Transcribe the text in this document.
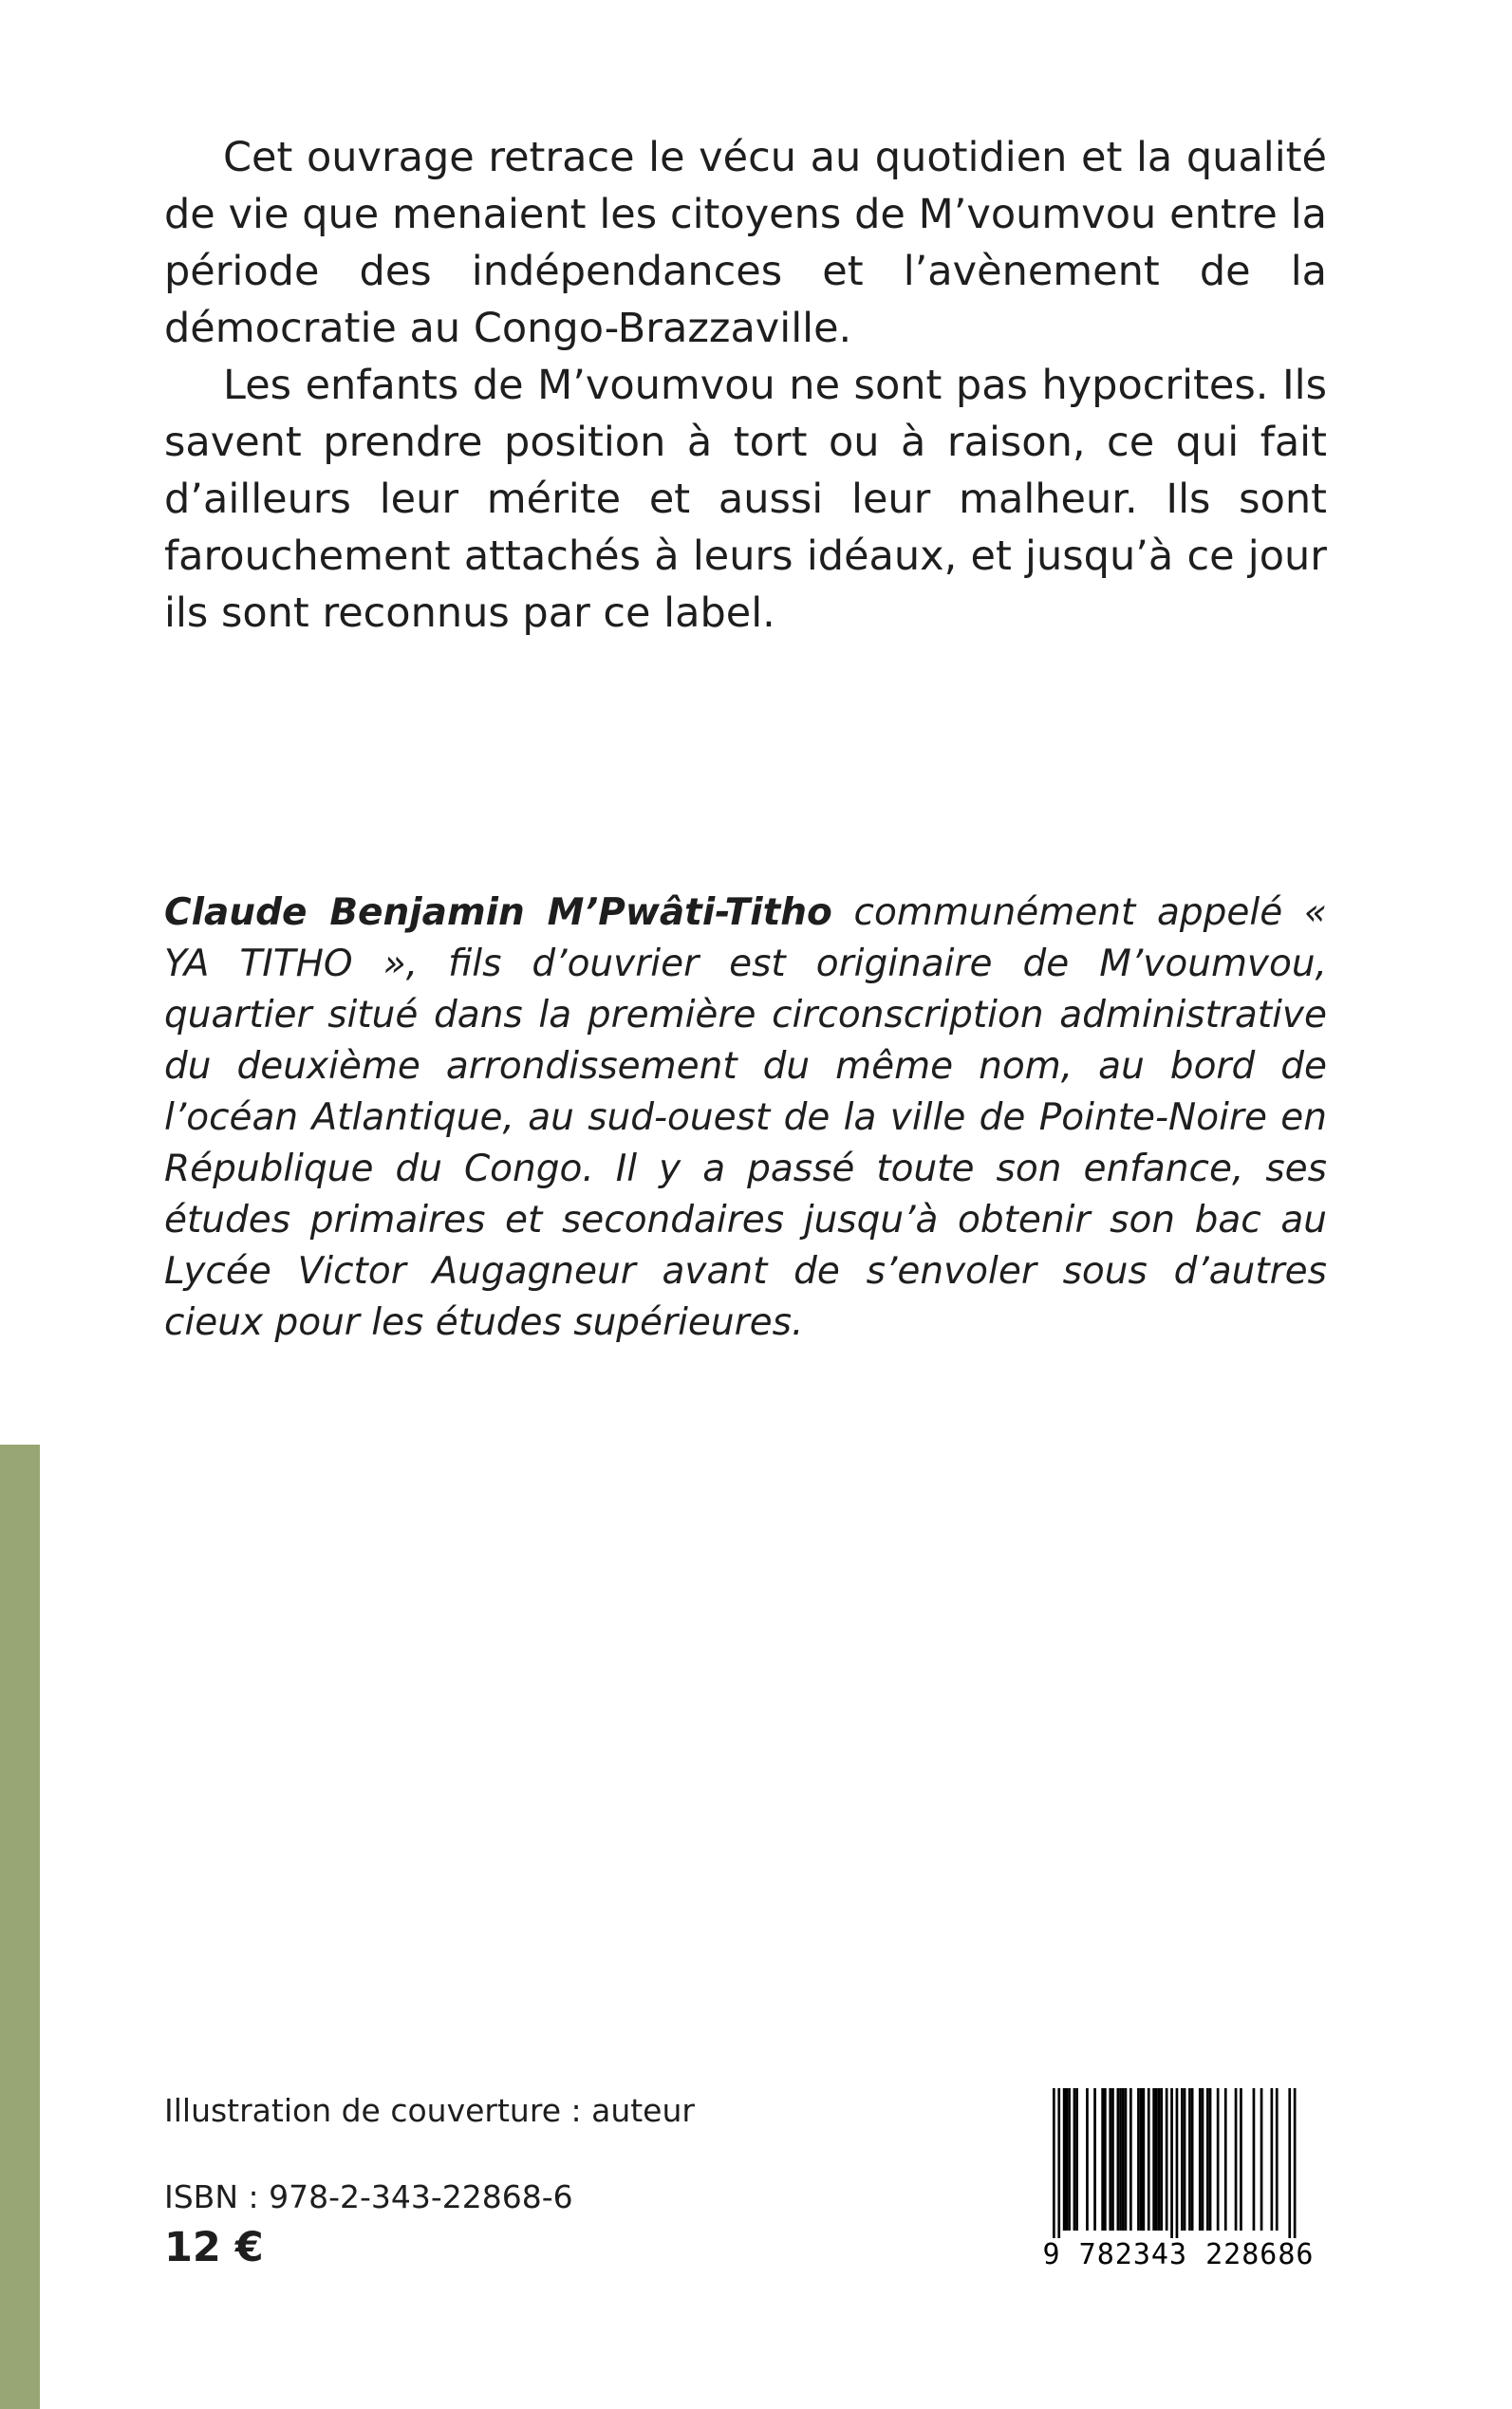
Cet ouvrage retrace le vécu au quotidien et la qualité de vie que menaient les citoyens de M’voumvou entre la période des indépendances et l’avènement de la démocratie au Congo-Brazzaville.

Les enfants de M’voumvou ne sont pas hypocrites. Ils savent prendre position à tort ou à raison, ce qui fait d’ailleurs leur mérite et aussi leur malheur. Ils sont farouchement attachés à leurs idéaux, et jusqu’à ce jour ils sont reconnus par ce label.

Claude Benjamin M’Pwâti-Titho communément appelé « YA TITHO », fils d’ouvrier est originaire de M’voumvou, quartier situé dans la première circonscription administrative du deuxième arrondissement du même nom, au bord de l’océan Atlantique, au sud-ouest de la ville de Pointe-Noire en République du Congo. Il y a passé toute son enfance, ses études primaires et secondaires jusqu’à obtenir son bac au Lycée Victor Augagneur avant de s’envoler sous d’autres cieux pour les études supérieures.

Illustration de couverture : auteur

ISBN : 978-2-343-22868-6

12 €	9 782343 228686
